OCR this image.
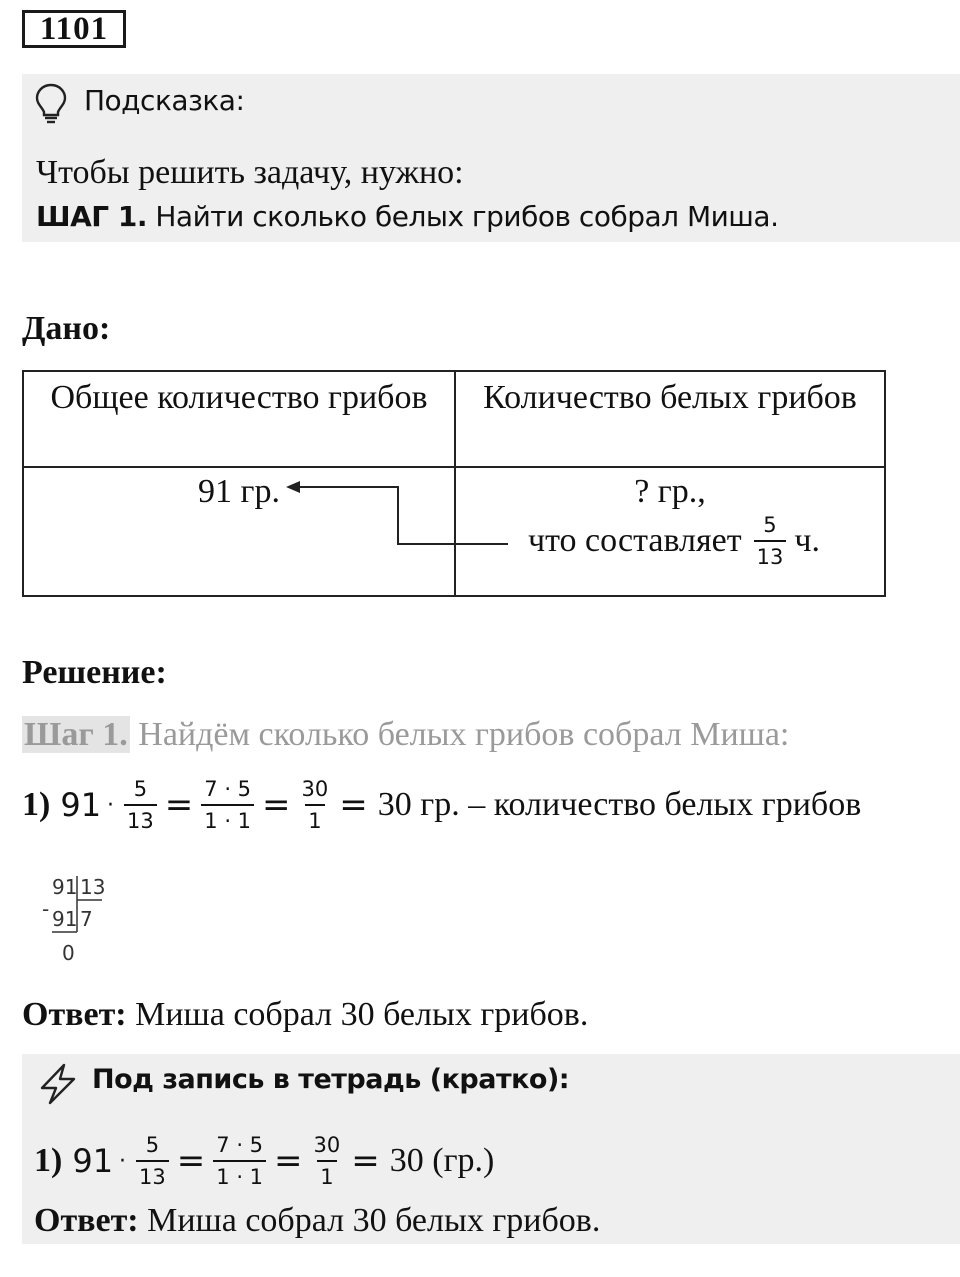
1101
Подсказка:
Чтобы решить задачу, нужно:
ШАГ 1. Найти сколько белых грибов собрал Миша.
Дано:
Общее количество грибов	Количество белых грибов
91 гр.	? гр.,
что составляет $\frac{5}{13} ч$.
Решение:
Шаг 1. Найдём сколько белых грибов собрал Миша:
1) $91 \cdot \frac{5}{13} = \frac{7 \cdot 5}{1 \cdot 1} = \frac{30}{1} = 30$ гр. – количество белых грибов
91 13
- 91 7
0
Ответ: Миша собрал 30 белых грибов.
Под запись в тетрадь (кратко):
1) $91 \cdot \frac{5}{13} = \frac{7 \cdot 5}{1 \cdot 1} = \frac{30}{1} = 30$ (гр.)
Ответ: Миша собрал 30 белых грибов.
